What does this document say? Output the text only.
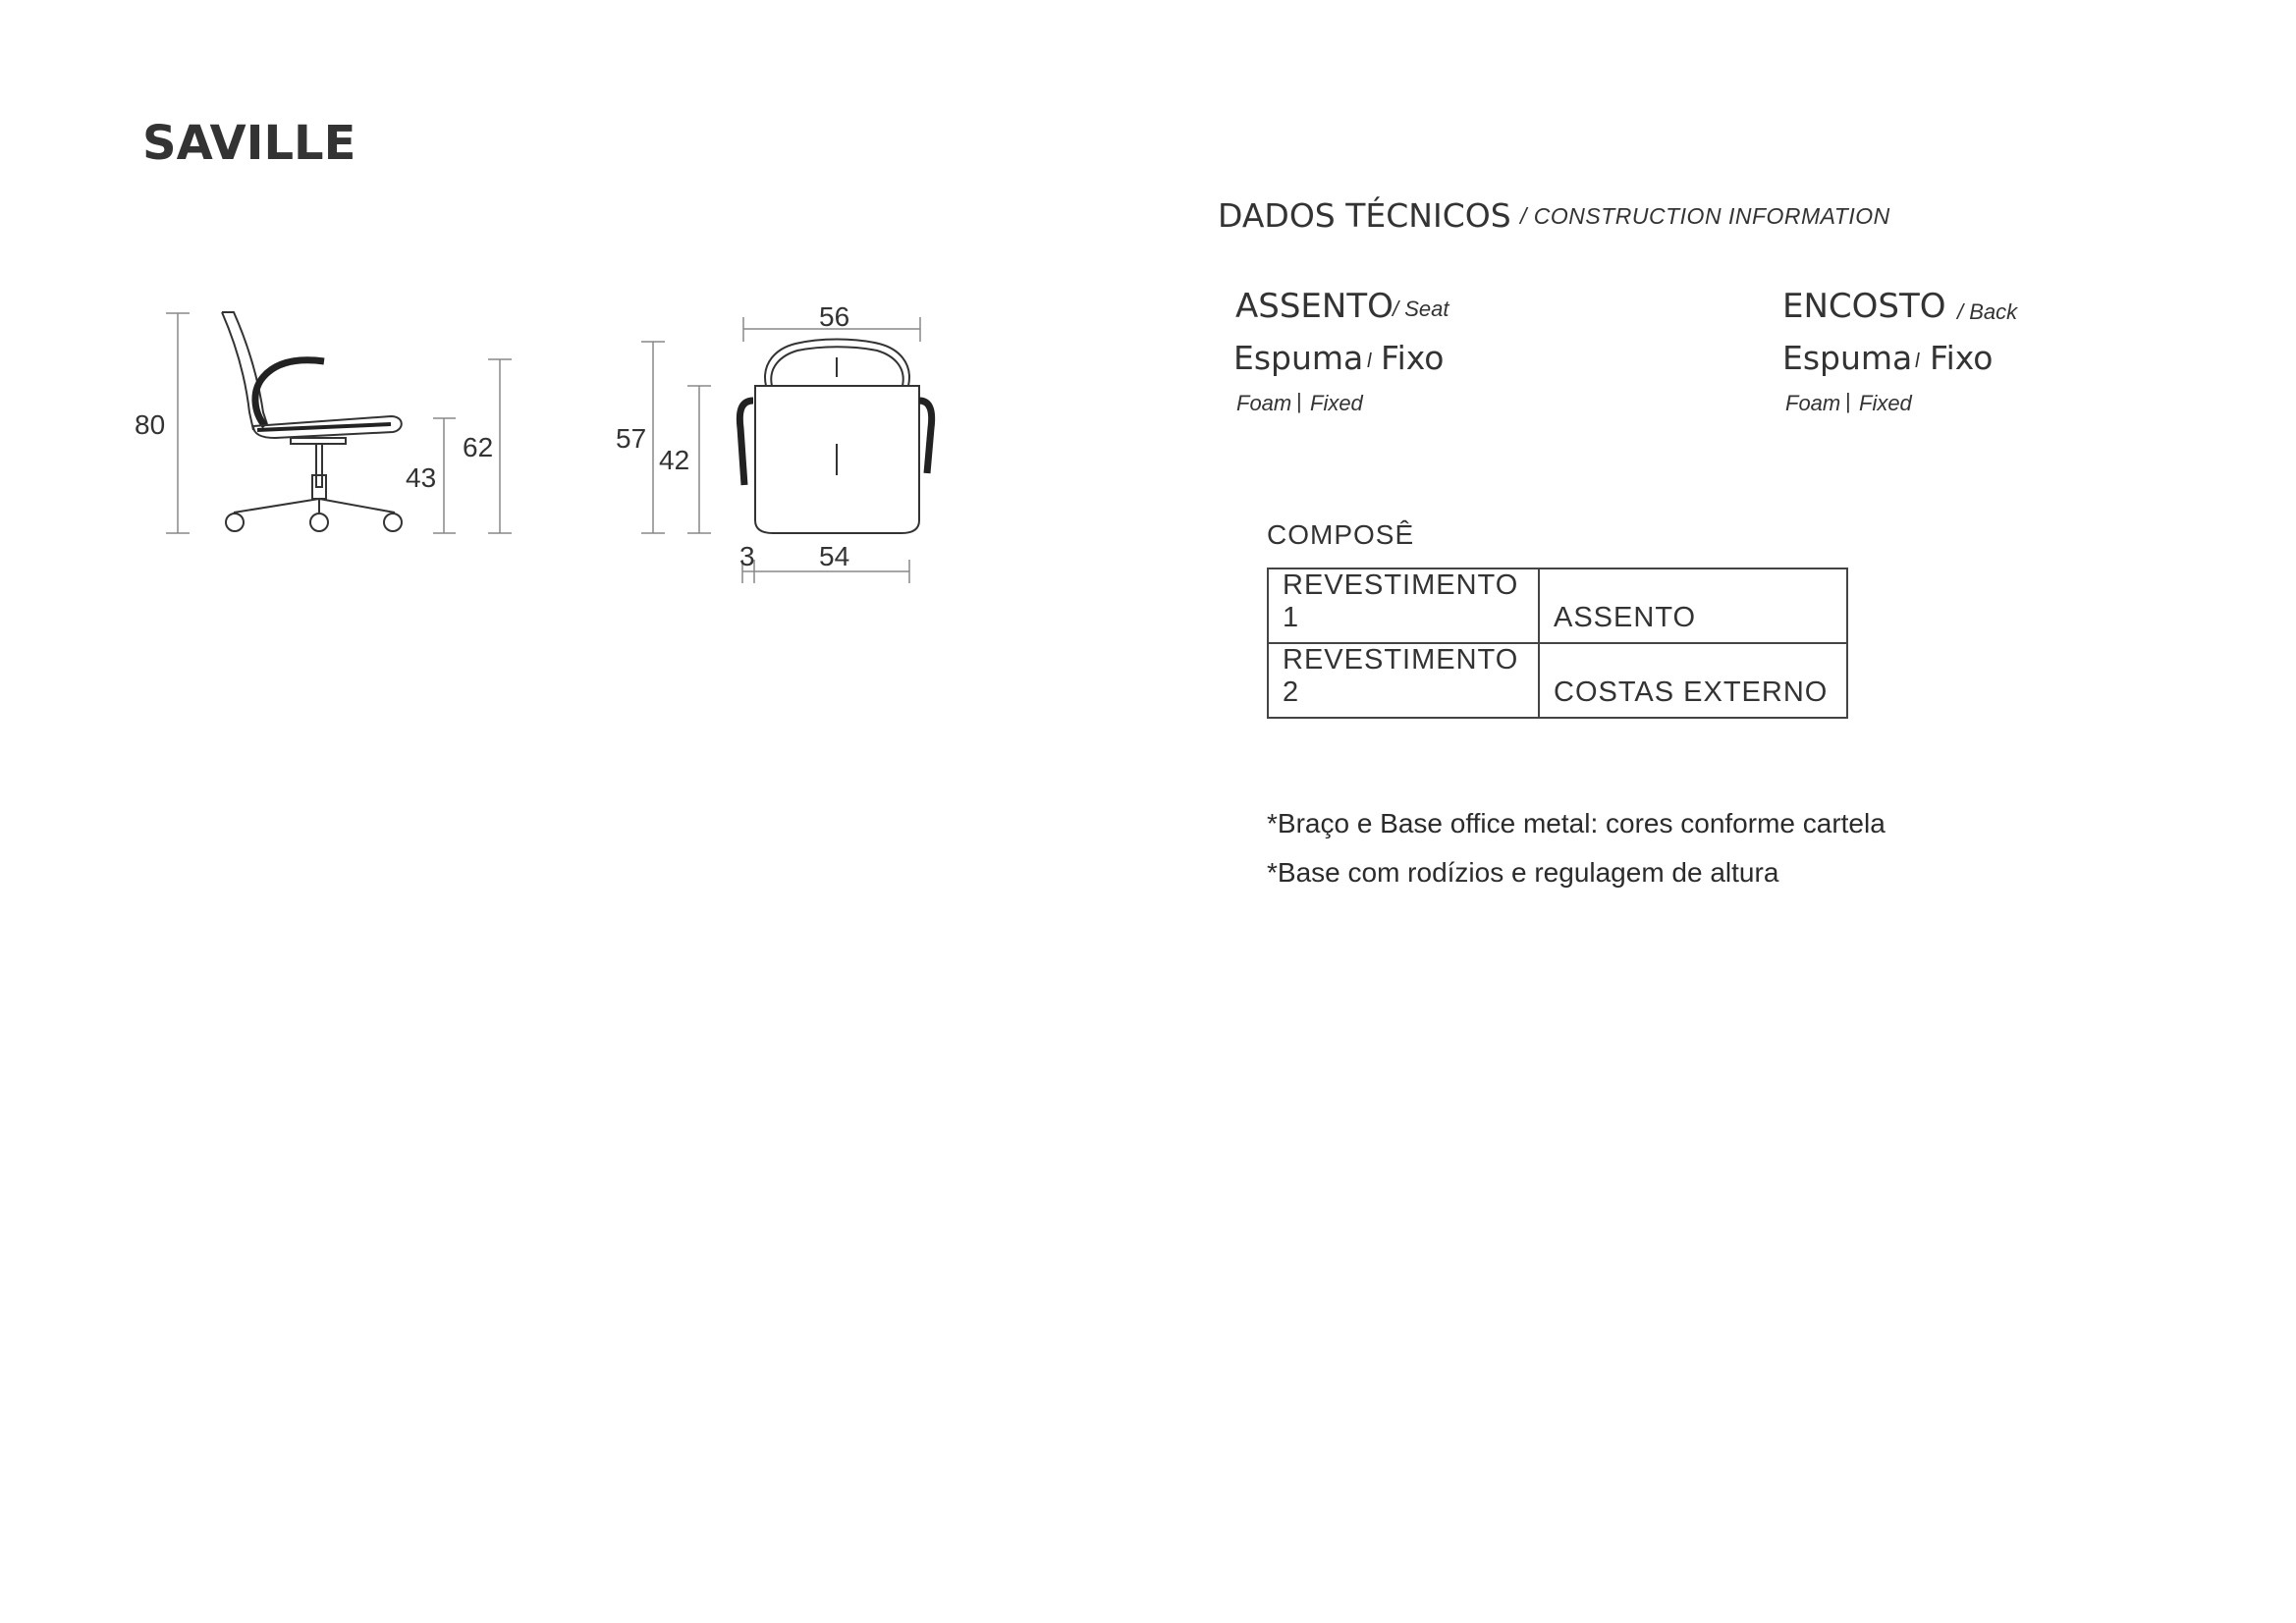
SAVILLE
DADOS TÉCNICOS / CONSTRUCTION INFORMATION
ASSENTO / Seat
Espuma l Fixo
Foam | Fixed
ENCOSTO / Back
Espuma l Fixo
Foam | Fixed
COMPOSÊ
REVESTIMENTO 1	ASSENTO

REVESTIMENTO 2	COSTAS EXTERNO
*Braço e Base office metal: cores conforme cartela
*Base com rodízios e regulagem de altura
80
43
62	57
42
56
54
3
